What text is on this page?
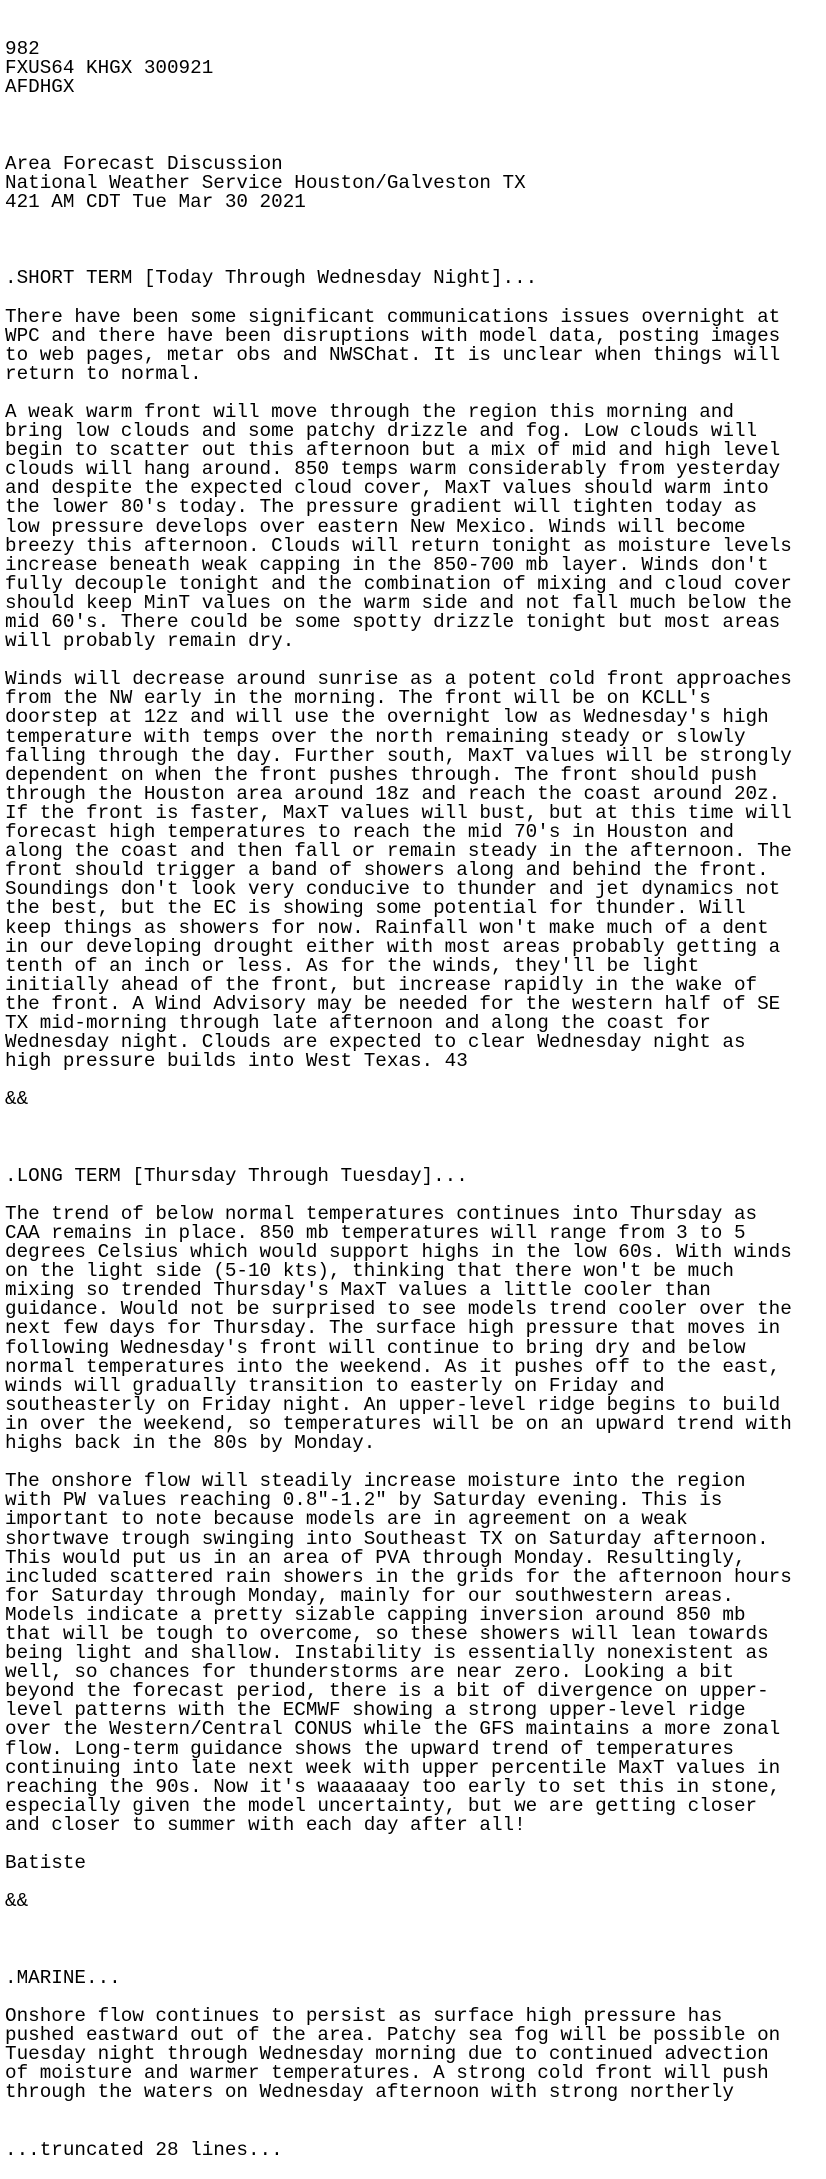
982
FXUS64 KHGX 300921
AFDHGX

Area Forecast Discussion
National Weather Service Houston/Galveston TX
421 AM CDT Tue Mar 30 2021

.SHORT TERM [Today Through Wednesday Night]...
There have been some significant communications issues overnight at
WPC and there have been disruptions with model data, posting images
to web pages, metar obs and NWSChat. It is unclear when things will
return to normal.
A weak warm front will move through the region this morning and
bring low clouds and some patchy drizzle and fog. Low clouds will
begin to scatter out this afternoon but a mix of mid and high level
clouds will hang around. 850 temps warm considerably from yesterday
and despite the expected cloud cover, MaxT values should warm into
the lower 80's today. The pressure gradient will tighten today as
low pressure develops over eastern New Mexico. Winds will become
breezy this afternoon. Clouds will return tonight as moisture levels
increase beneath weak capping in the 850-700 mb layer. Winds don't
fully decouple tonight and the combination of mixing and cloud cover
should keep MinT values on the warm side and not fall much below the
mid 60's. There could be some spotty drizzle tonight but most areas
will probably remain dry.
Winds will decrease around sunrise as a potent cold front approaches
from the NW early in the morning. The front will be on KCLL's
doorstep at 12z and will use the overnight low as Wednesday's high
temperature with temps over the north remaining steady or slowly
falling through the day. Further south, MaxT values will be strongly
dependent on when the front pushes through. The front should push
through the Houston area around 18z and reach the coast around 20z.
If the front is faster, MaxT values will bust, but at this time will
forecast high temperatures to reach the mid 70's in Houston and
along the coast and then fall or remain steady in the afternoon. The
front should trigger a band of showers along and behind the front.
Soundings don't look very conducive to thunder and jet dynamics not
the best, but the EC is showing some potential for thunder. Will
keep things as showers for now. Rainfall won't make much of a dent
in our developing drought either with most areas probably getting a
tenth of an inch or less. As for the winds, they'll be light
initially ahead of the front, but increase rapidly in the wake of
the front. A Wind Advisory may be needed for the western half of SE
TX mid-morning through late afternoon and along the coast for
Wednesday night. Clouds are expected to clear Wednesday night as
high pressure builds into West Texas. 43
&&

.LONG TERM [Thursday Through Tuesday]...
The trend of below normal temperatures continues into Thursday as
CAA remains in place. 850 mb temperatures will range from 3 to 5
degrees Celsius which would support highs in the low 60s. With winds
on the light side (5-10 kts), thinking that there won't be much
mixing so trended Thursday's MaxT values a little cooler than
guidance. Would not be surprised to see models trend cooler over the
next few days for Thursday. The surface high pressure that moves in
following Wednesday's front will continue to bring dry and below
normal temperatures into the weekend. As it pushes off to the east,
winds will gradually transition to easterly on Friday and
southeasterly on Friday night. An upper-level ridge begins to build
in over the weekend, so temperatures will be on an upward trend with
highs back in the 80s by Monday.
The onshore flow will steadily increase moisture into the region
with PW values reaching 0.8"-1.2" by Saturday evening. This is
important to note because models are in agreement on a weak
shortwave trough swinging into Southeast TX on Saturday afternoon.
This would put us in an area of PVA through Monday. Resultingly,
included scattered rain showers in the grids for the afternoon hours
for Saturday through Monday, mainly for our southwestern areas.
Models indicate a pretty sizable capping inversion around 850 mb
that will be tough to overcome, so these showers will lean towards
being light and shallow. Instability is essentially nonexistent as
well, so chances for thunderstorms are near zero. Looking a bit
beyond the forecast period, there is a bit of divergence on upper-
level patterns with the ECMWF showing a strong upper-level ridge
over the Western/Central CONUS while the GFS maintains a more zonal
flow. Long-term guidance shows the upward trend of temperatures
continuing into late next week with upper percentile MaxT values in
reaching the 90s. Now it's waaaaaay too early to set this in stone,
especially given the model uncertainty, but we are getting closer
and closer to summer with each day after all!
Batiste
&&

.MARINE...
Onshore flow continues to persist as surface high pressure has
pushed eastward out of the area. Patchy sea fog will be possible on
Tuesday night through Wednesday morning due to continued advection
of moisture and warmer temperatures. A strong cold front will push
through the waters on Wednesday afternoon with strong northerly

...truncated 28 lines...
